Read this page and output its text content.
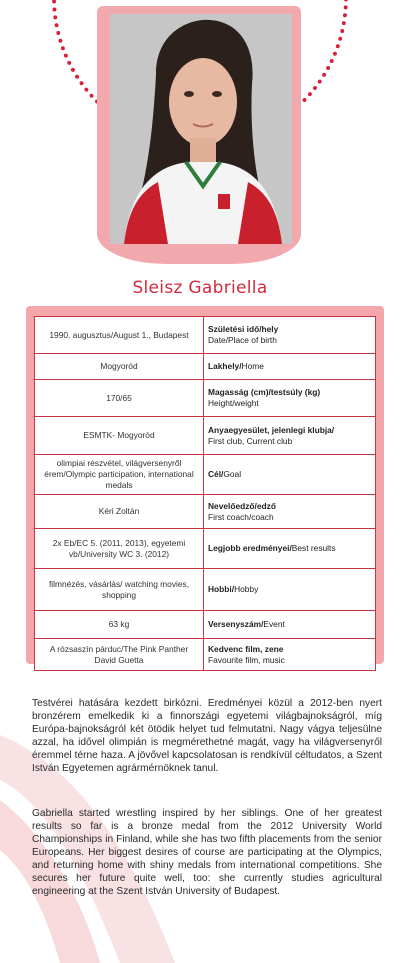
Sleisz Gabriella
1990. augusztus/August 1., Budapest	Születési idő/hely
Date/Place of birth
Mogyoród	Lakhely/Home
170/65	Magasság (cm)/testsúly (kg)
Height/weight
ESMTK- Mogyoród	Anyaegyesület, jelenlegi klubja/
First club, Current club
olimpiai részvétel, világversenyről érem/Olympic participation, international medals	Cél/Goal
Kéri Zoltán	Nevelőedző/edző
First coach/coach
2x Eb/EC 5. (2011, 2013), egyetemi vb/University WC 3. (2012)	Legjobb eredményei/Best results
filmnézés, vásárlás/ watching movies, shopping	Hobbi/Hobby
63 kg	Versenyszám/Event
A rózsaszín párduc/The Pink Panther David Guetta	Kedvenc film, zene
Favourite film, music

Testvérei hatására kezdett birkózni. Eredményei közül a 2012-ben nyert bronzérem emelkedik ki a finnországi egyetemi világbajnokságról, míg Európa-bajnokságról két ötödik helyet tud felmutatni. Nagy vágya teljesülne azzal, ha idővel olimpián is megmérethetné magát, vagy ha világversenyről éremmel térne haza. A jövővel kapcsolatosan is rendkívül céltudatos, a Szent István Egyetemen agrármérnöknek tanul.

Gabriella started wrestling inspired by her siblings. One of her greatest results so far is a bronze medal from the 2012 University World Championships in Finland, while she has two fifth placements from the senior Europeans. Her biggest desires of course are participating at the Olympics, and returning home with shiny medals from international competitions. She secures her future quite well, too: she currently studies agricultural engineering at the Szent István University of Budapest.
